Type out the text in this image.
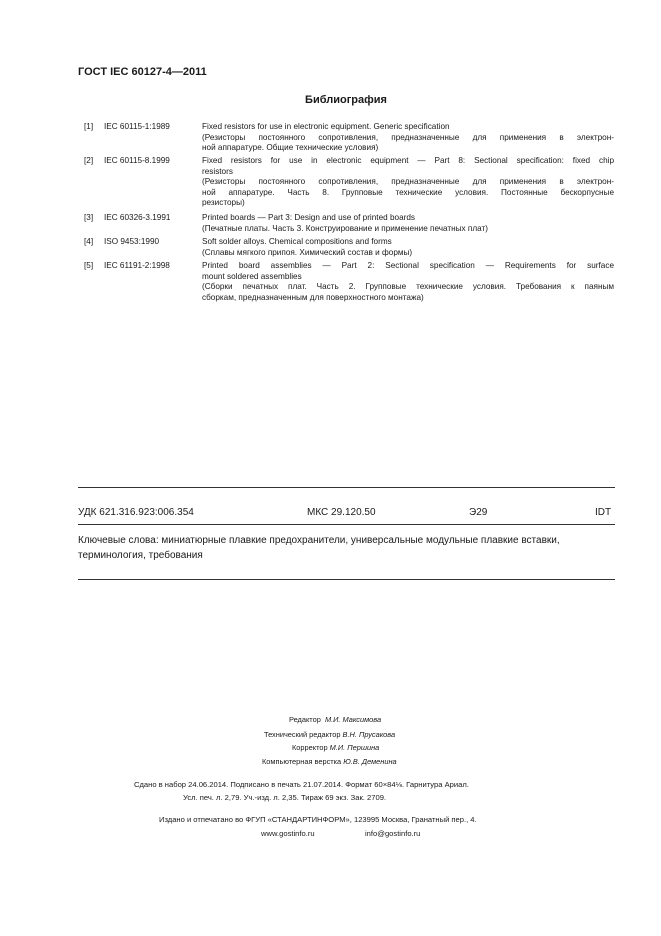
ГОСТ IEC 60127-4—2011
Библиография
[1] IEC 60115-1:1989	Fixed resistors for use in electronic equipment. Generic specification
(Резисторы постоянного сопротивления, предназначенные для применения в электрон-
ной аппаратуре. Общие технические условия)
[2] IEC 60115-8.1999	Fixed resistors for use in electronic equipment — Part 8: Sectional specification: fixed chip
resistors
(Резисторы постоянного сопротивления, предназначенные для применения в электрон-
ной аппаратуре. Часть 8. Групповые технические условия. Постоянные бескорпусные
резисторы)
[3] IEC 60326-3.1991	Printed boards — Part 3: Design and use of printed boards
(Печатные платы. Часть 3. Конструирование и применение печатных плат)
[4] ISO 9453:1990	Soft solder alloys. Chemical compositions and forms
(Сплавы мягкого припоя. Химический состав и формы)
[5] IEC 61191-2:1998	Printed board assemblies — Part 2: Sectional specification — Requirements for surface
mount soldered assemblies
(Сборки печатных плат. Часть 2. Групповые технические условия. Требования к паяным
сборкам, предназначенным для поверхностного монтажа)
УДК 621.316.923:006.354	МКС 29.120.50	Э29	IDT
Ключевые слова: миниатюрные плавкие предохранители, универсальные модульные плавкие вставки,
терминология, требования
Редактор М.И. Максимова
Технический редактор В.Н. Прусакова
Корректор М.И. Першина
Компьютерная верстка Ю.В. Деменина
Сдано в набор 24.06.2014. Подписано в печать 21.07.2014. Формат 60×84⅛. Гарнитура Ариал.
Усл. печ. л. 2,79. Уч.-изд. л. 2,35. Тираж 69 экз. Зак. 2709.
Издано и отпечатано во ФГУП «СТАНДАРТИНФОРМ», 123995 Москва, Гранатный пер., 4.
www.gostinfo.ru	info@gostinfo.ru
